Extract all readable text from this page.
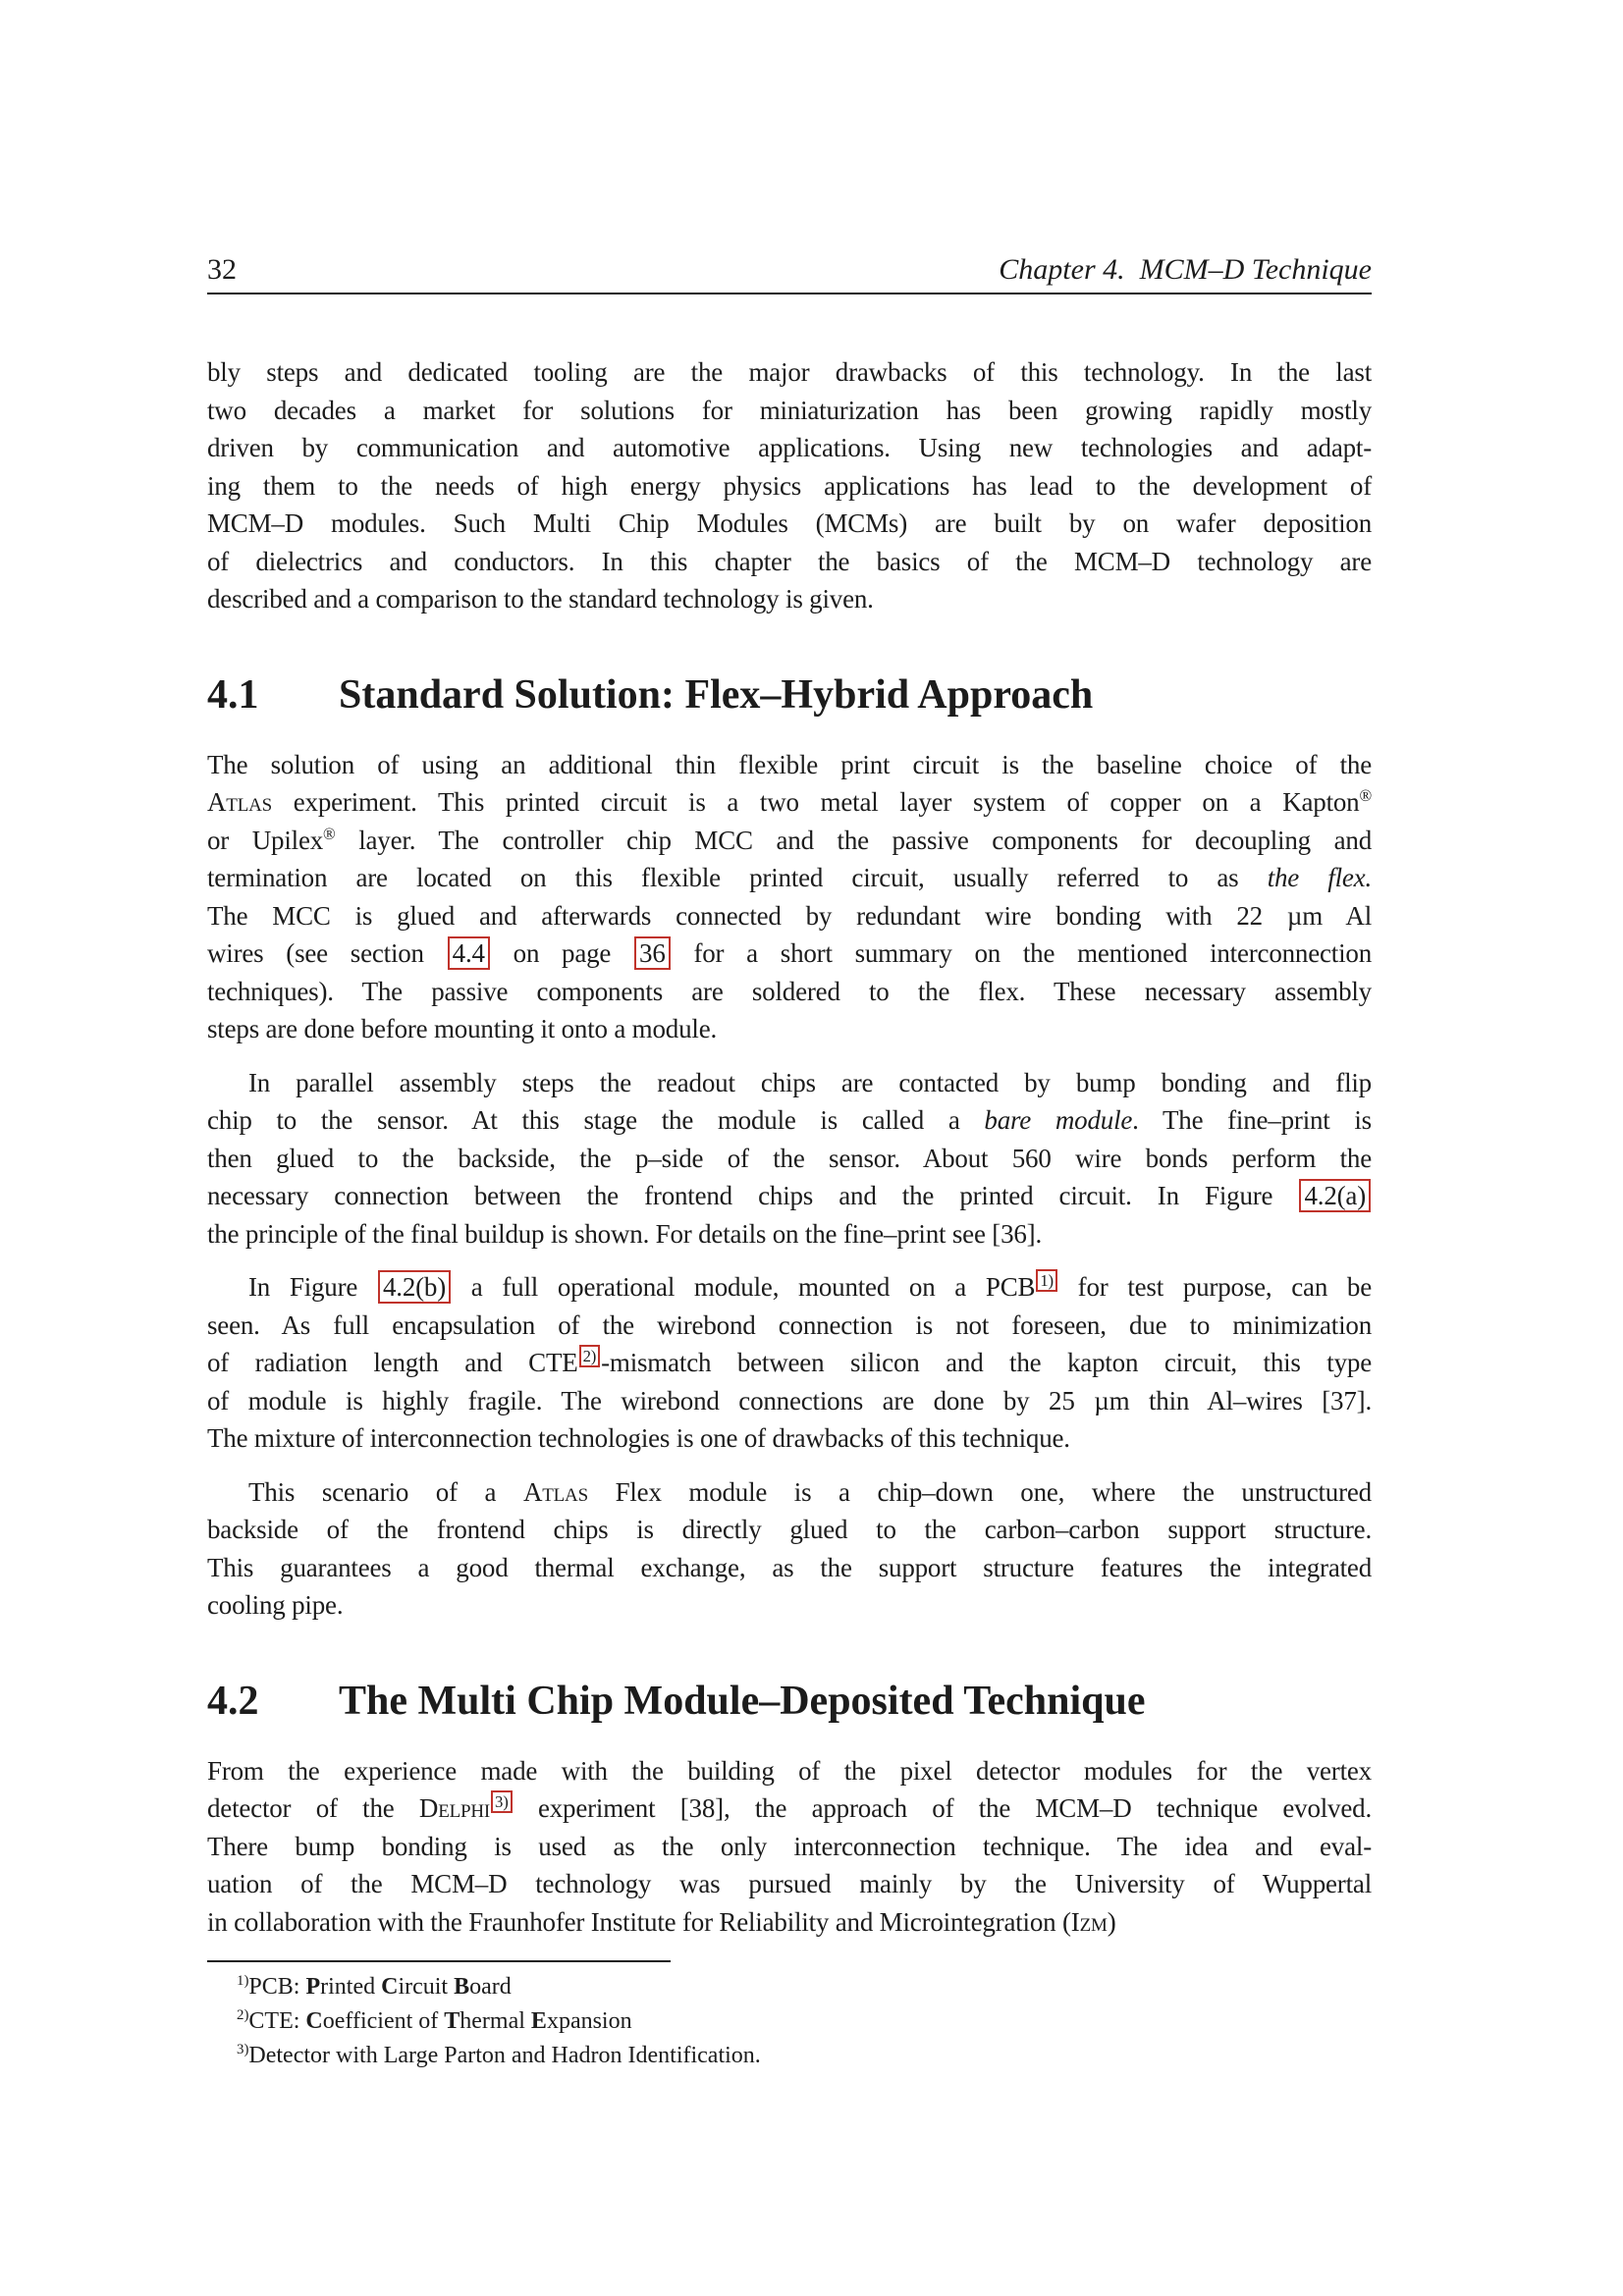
32	Chapter 4.  MCM–D Technique
bly steps and dedicated tooling are the major drawbacks of this technology. In the last
two decades a market for solutions for miniaturization has been growing rapidly mostly
driven by communication and automotive applications. Using new technologies and adapt-
ing them to the needs of high energy physics applications has lead to the development of
MCM–D modules. Such Multi Chip Modules (MCMs) are built by on wafer deposition
of dielectrics and conductors. In this chapter the basics of the MCM–D technology are
described and a comparison to the standard technology is given.
4.1 Standard Solution: Flex–Hybrid Approach
The solution of using an additional thin flexible print circuit is the baseline choice of the
Atlas experiment. This printed circuit is a two metal layer system of copper on a Kapton®
or Upilex® layer. The controller chip MCC and the passive components for decoupling and
termination are located on this flexible printed circuit, usually referred to as the flex.
The MCC is glued and afterwards connected by redundant wire bonding with 22 µm Al
wires (see section 4.4 on page 36 for a short summary on the mentioned interconnection
techniques). The passive components are soldered to the flex. These necessary assembly
steps are done before mounting it onto a module.
In parallel assembly steps the readout chips are contacted by bump bonding and flip
chip to the sensor. At this stage the module is called a bare module. The fine–print is
then glued to the backside, the p–side of the sensor. About 560 wire bonds perform the
necessary connection between the frontend chips and the printed circuit. In Figure 4.2(a)
the principle of the final buildup is shown. For details on the fine–print see [36].
In Figure 4.2(b) a full operational module, mounted on a PCB $^{1)}$ for test purpose, can be
seen. As full encapsulation of the wirebond connection is not foreseen, due to minimization
of radiation length and CTE $^{2)}$ -mismatch between silicon and the kapton circuit, this type
of module is highly fragile. The wirebond connections are done by 25 µm thin Al–wires [37].
The mixture of interconnection technologies is one of drawbacks of this technique.
This scenario of a Atlas Flex module is a chip–down one, where the unstructured
backside of the frontend chips is directly glued to the carbon–carbon support structure.
This guarantees a good thermal exchange, as the support structure features the integrated
cooling pipe.
4.2 The Multi Chip Module–Deposited Technique
From the experience made with the building of the pixel detector modules for the vertex
detector of the Delphi $^{3)}$ experiment [38], the approach of the MCM–D technique evolved.
There bump bonding is used as the only interconnection technique. The idea and eval-
uation of the MCM–D technology was pursued mainly by the University of Wuppertal
in collaboration with the Fraunhofer Institute for Reliability and Microintegration (Izm)
$^{1)}$PCB: Printed Circuit Board
$^{2)}$CTE: Coefficient of Thermal Expansion
$^{3)}$Detector with Large Parton and Hadron Identification.
